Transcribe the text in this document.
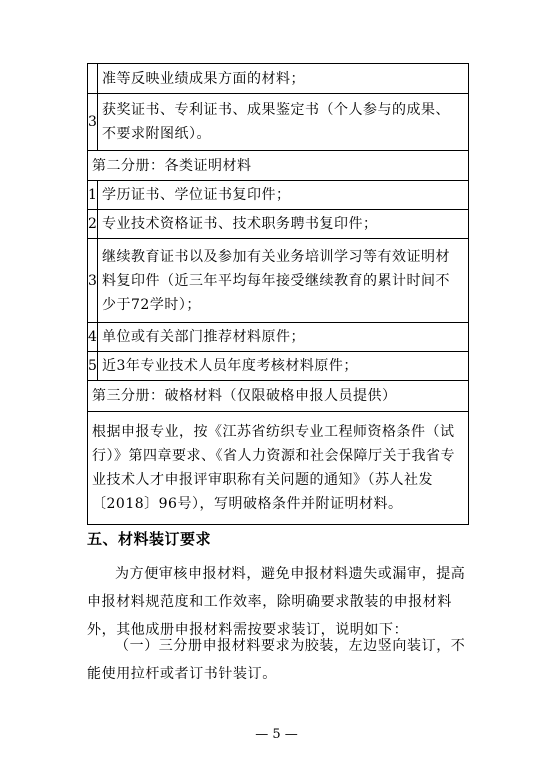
	准等反映业绩成果方面的材料；
3	获奖证书、专利证书、成果鉴定书（个人参与的成果、不要求附图纸）。
第二分册：各类证明材料	
1	学历证书、学位证书复印件；
2	专业技术资格证书、技术职务聘书复印件；
3	继续教育证书以及参加有关业务培训学习等有效证明材料复印件（近三年平均每年接受继续教育的累计时间不少于72学时）；
4	单位或有关部门推荐材料原件；
5	近3年专业技术人员年度考核材料原件；
第三分册：破格材料（仅限破格申报人员提供）	
根据申报专业，按《江苏省纺织专业工程师资格条件（试行）》第四章要求、《省人力资源和社会保障厅关于我省专业技术人才申报评审职称有关问题的通知》（苏人社发〔2018〕96号），写明破格条件并附证明材料。	
五、材料装订要求
为方便审核申报材料，避免申报材料遗失或漏审，提高申报材料规范度和工作效率，除明确要求散装的申报材料外，其他成册申报材料需按要求装订，说明如下：
（一）三分册申报材料要求为胶装，左边竖向装订，不能使用拉杆或者订书针装订。
— 5 —
